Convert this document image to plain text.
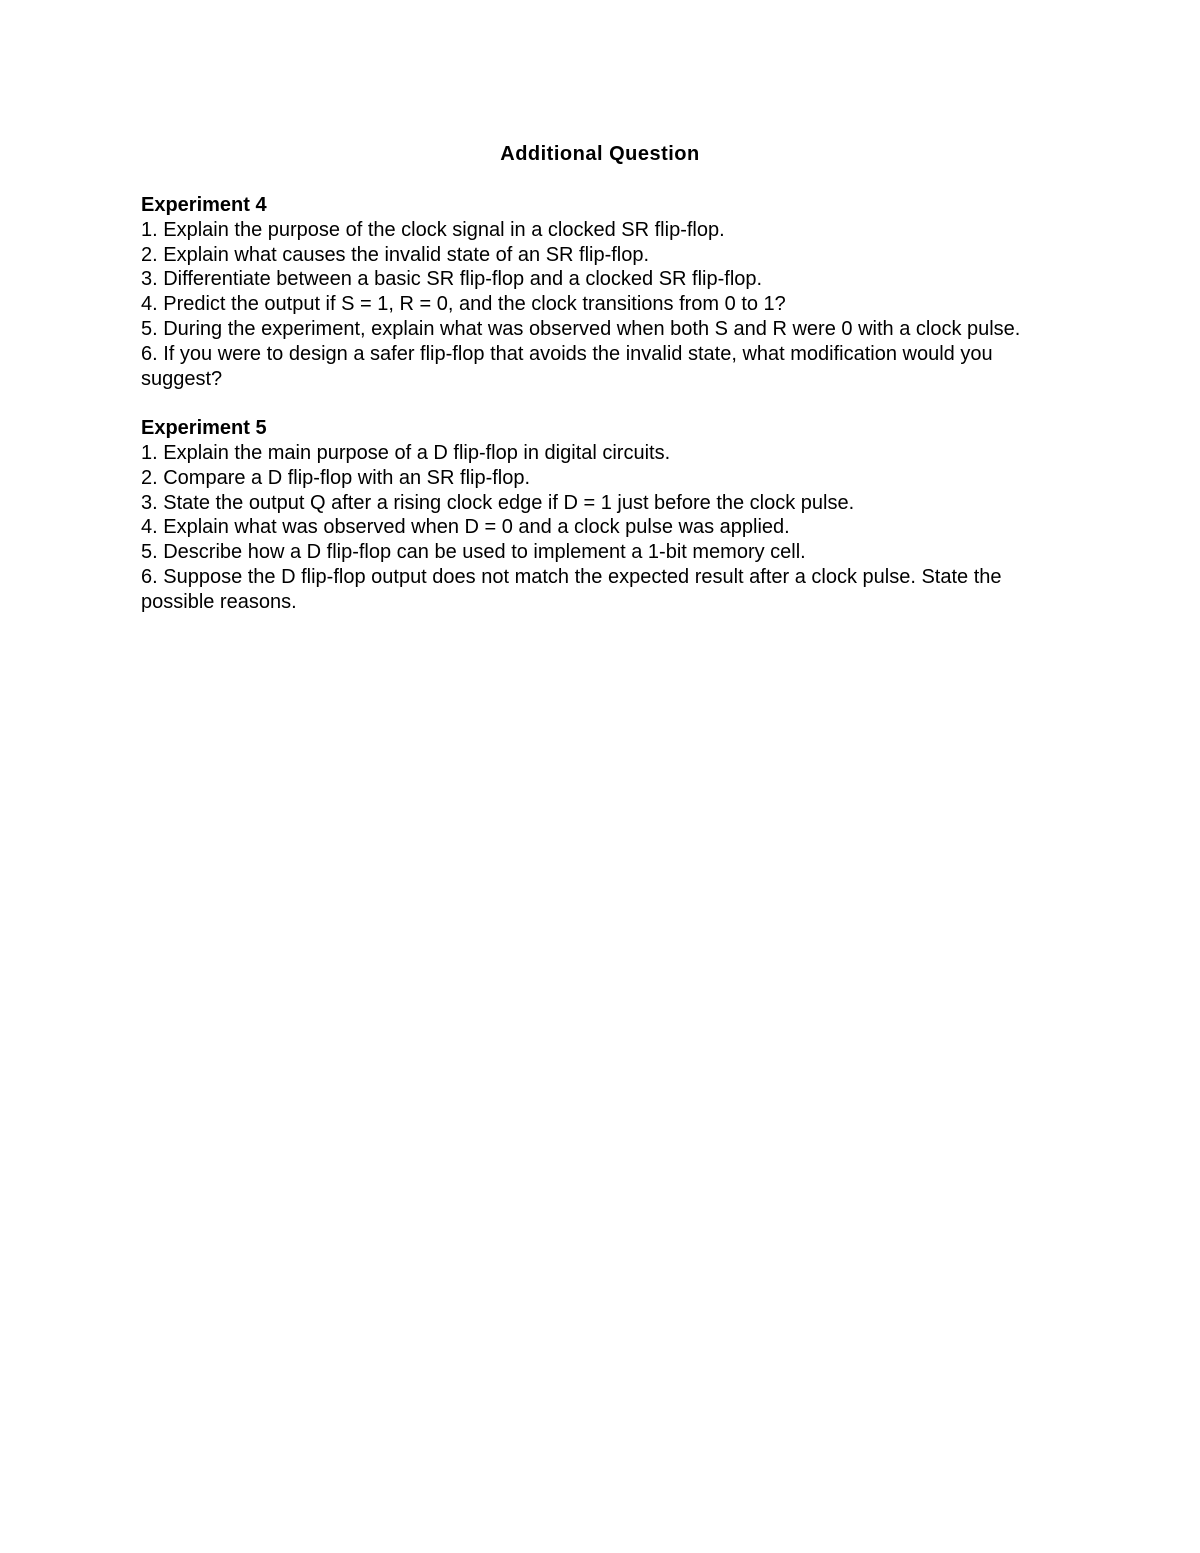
Additional Question
Experiment 4
1. Explain the purpose of the clock signal in a clocked SR flip-flop.
2. Explain what causes the invalid state of an SR flip-flop.
3. Differentiate between a basic SR flip-flop and a clocked SR flip-flop.
4. Predict the output if S = 1, R = 0, and the clock transitions from 0 to 1?
5. During the experiment, explain what was observed when both S and R were 0 with a clock pulse.
6. If you were to design a safer flip-flop that avoids the invalid state, what modification would you suggest?
Experiment 5
1. Explain the main purpose of a D flip-flop in digital circuits.
2. Compare a D flip-flop with an SR flip-flop.
3. State the output Q after a rising clock edge if D = 1 just before the clock pulse.
4. Explain what was observed when D = 0 and a clock pulse was applied.
5. Describe how a D flip-flop can be used to implement a 1-bit memory cell.
6. Suppose the D flip-flop output does not match the expected result after a clock pulse. State the possible reasons.
